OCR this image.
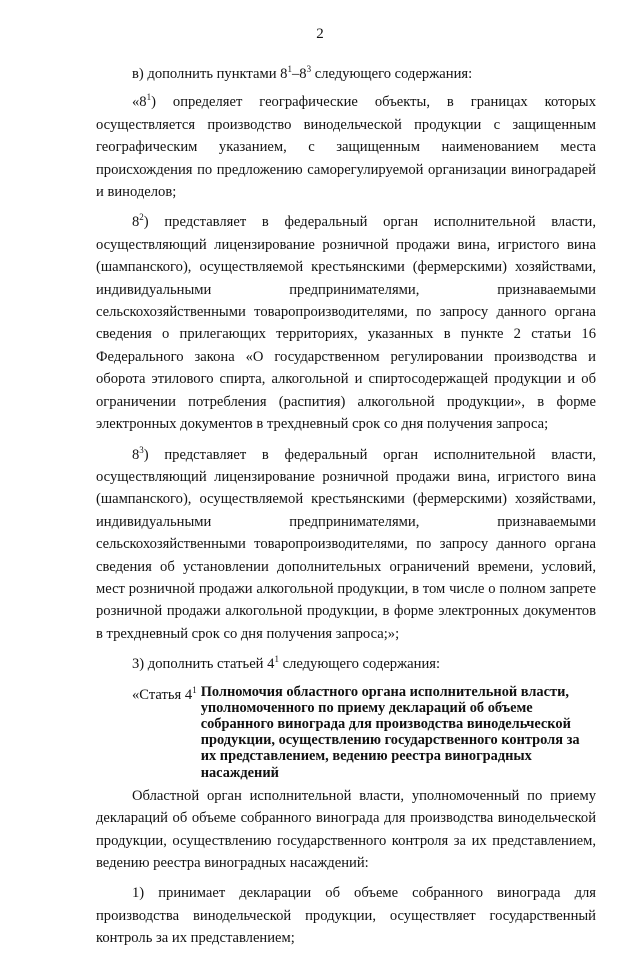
2

в) дополнить пунктами $8^1-8^3$ следующего содержания:

«$8^1$) определяет географические объекты, в границах которых осуществляется производство винодельческой продукции с защищенным географическим указанием, с защищенным наименованием места происхождения по предложению саморегулируемой организации виноградарей и виноделов;

$8^2$) представляет в федеральный орган исполнительной власти, осуществляющий лицензирование розничной продажи вина, игристого вина (шампанского), осуществляемой крестьянскими (фермерскими) хозяйствами, индивидуальными предпринимателями, признаваемыми сельскохозяйственными товаропроизводителями, по запросу данного органа сведения о прилегающих территориях, указанных в пункте 2 статьи 16 Федерального закона «О государственном регулировании производства и оборота этилового спирта, алкогольной и спиртосодержащей продукции и об ограничении потребления (распития) алкогольной продукции», в форме электронных документов в трехдневный срок со дня получения запроса;

$8^3$) представляет в федеральный орган исполнительной власти, осуществляющий лицензирование розничной продажи вина, игристого вина (шампанского), осуществляемой крестьянскими (фермерскими) хозяйствами, индивидуальными предпринимателями, признаваемыми сельскохозяйственными товаропроизводителями, по запросу данного органа сведения об установлении дополнительных ограничений времени, условий, мест розничной продажи алкогольной продукции, в том числе о полном запрете розничной продажи алкогольной продукции, в форме электронных документов в трехдневный срок со дня получения запроса;»;

3) дополнить статьей $4^1$ следующего содержания:

«Статья $4^1$ Полномочия областного органа исполнительной власти, уполномоченного по приему деклараций об объеме собранного винограда для производства винодельческой продукции, осуществлению государственного контроля за их представлением, ведению реестра виноградных насаждений

Областной орган исполнительной власти, уполномоченный по приему деклараций об объеме собранного винограда для производства винодельческой продукции, осуществлению государственного контроля за их представлением, ведению реестра виноградных насаждений:

1) принимает декларации об объеме собранного винограда для производства винодельческой продукции, осуществляет государственный контроль за их представлением;
